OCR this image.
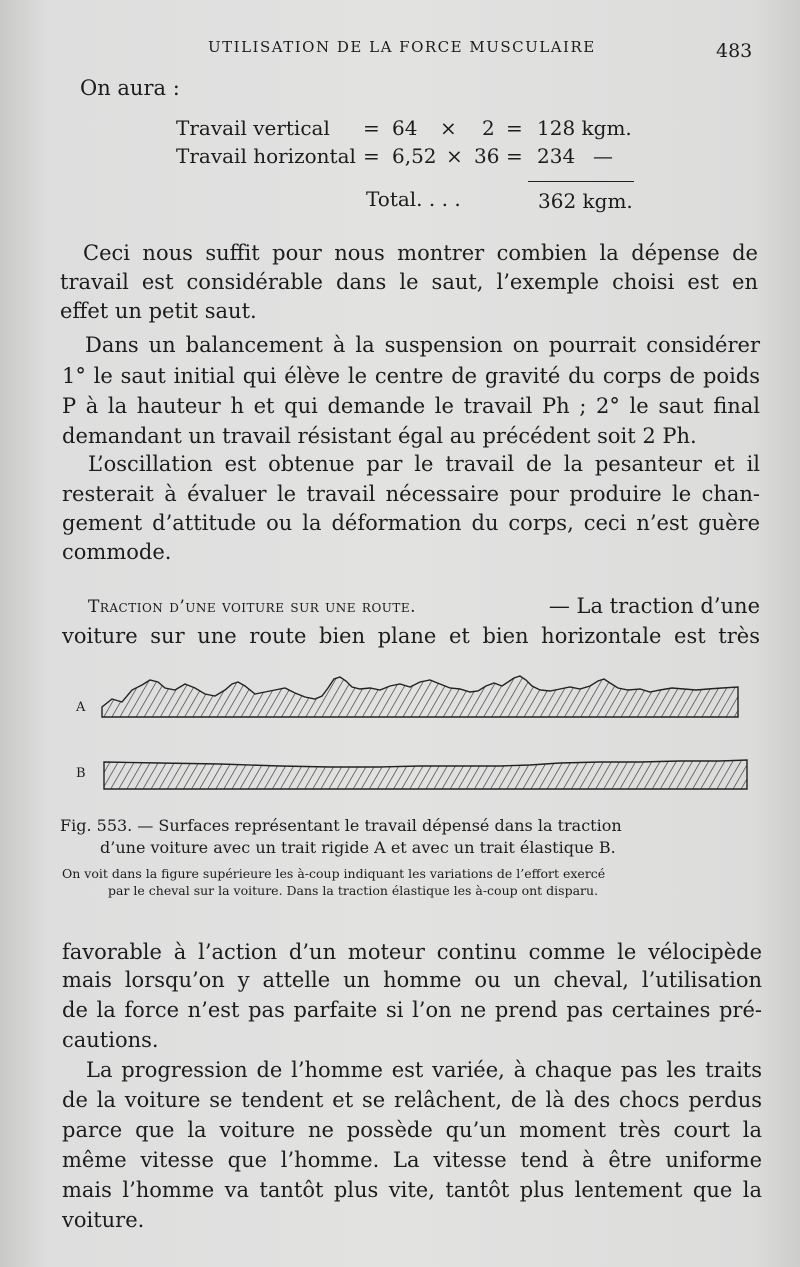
UTILISATION DE LA FORCE MUSCULAIRE	483
On aura :
Travail vertical = 64 × 2 = 128 kgm.
Travail horizontal = 6,52 × 36 = 234 —
Total. . . .	362 kgm.
Ceci nous suffit pour nous montrer combien la dépense de
travail est considérable dans le saut, l’exemple choisi est en
effet un petit saut.
Dans un balancement à la suspension on pourrait considérer
1° le saut initial qui élève le centre de gravité du corps de poids
P à la hauteur h et qui demande le travail Ph ; 2° le saut final
demandant un travail résistant égal au précédent soit 2 Ph.
L’oscillation est obtenue par le travail de la pesanteur et il
resterait à évaluer le travail nécessaire pour produire le chan-
gement d’attitude ou la déformation du corps, ceci n’est guère
commode.
Traction d’une voiture sur une route.	— La traction d’une
voiture sur une route bien plane et bien horizontale est très
A
B
Fig. 553. — Surfaces représentant le travail dépensé dans la traction
d’une voiture avec un trait rigide A et avec un trait élastique B.
On voit dans la figure supérieure les à-coup indiquant les variations de l’effort exercé
par le cheval sur la voiture. Dans la traction élastique les à-coup ont disparu.
favorable à l’action d’un moteur continu comme le vélocipède
mais lorsqu’on y attelle un homme ou un cheval, l’utilisation
de la force n’est pas parfaite si l’on ne prend pas certaines pré-
cautions.
La progression de l’homme est variée, à chaque pas les traits
de la voiture se tendent et se relâchent, de là des chocs perdus
parce que la voiture ne possède qu’un moment très court la
même vitesse que l’homme. La vitesse tend à être uniforme
mais l’homme va tantôt plus vite, tantôt plus lentement que la
voiture.
